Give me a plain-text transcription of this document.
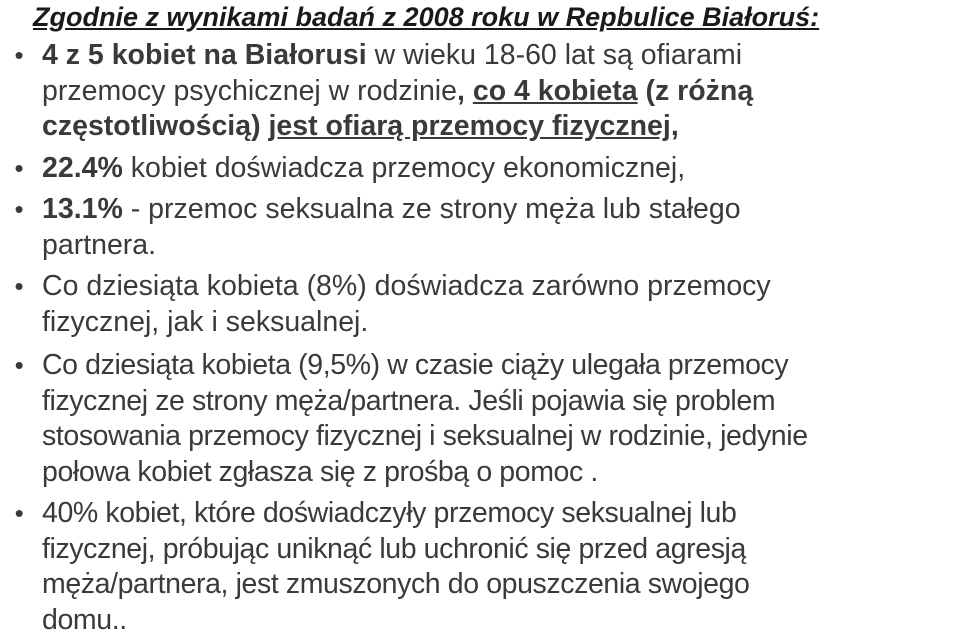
Zgodnie z wynikami badań z 2008 roku w Repbulice Białoruś:
• 4 z 5 kobiet na Białorusi w wieku 18-60 lat są ofiarami
przemocy psychicznej w rodzinie, co 4 kobieta (z różną
częstotliwością) jest ofiarą przemocy fizycznej,
• 22.4% kobiet doświadcza przemocy ekonomicznej,
• 13.1% - przemoc seksualna ze strony męża lub stałego
partnera.
• Co dziesiąta kobieta (8%) doświadcza zarówno przemocy
fizycznej, jak i seksualnej.
• Co dziesiąta kobieta (9,5%) w czasie ciąży ulegała przemocy
fizycznej ze strony męża/partnera. Jeśli pojawia się problem
stosowania przemocy fizycznej i seksualnej w rodzinie, jedynie
połowa kobiet zgłasza się z prośbą o pomoc .
• 40% kobiet, które doświadczyły przemocy seksualnej lub
fizycznej, próbując uniknąć lub uchronić się przed agresją
męża/partnera, jest zmuszonych do opuszczenia swojego
domu..
